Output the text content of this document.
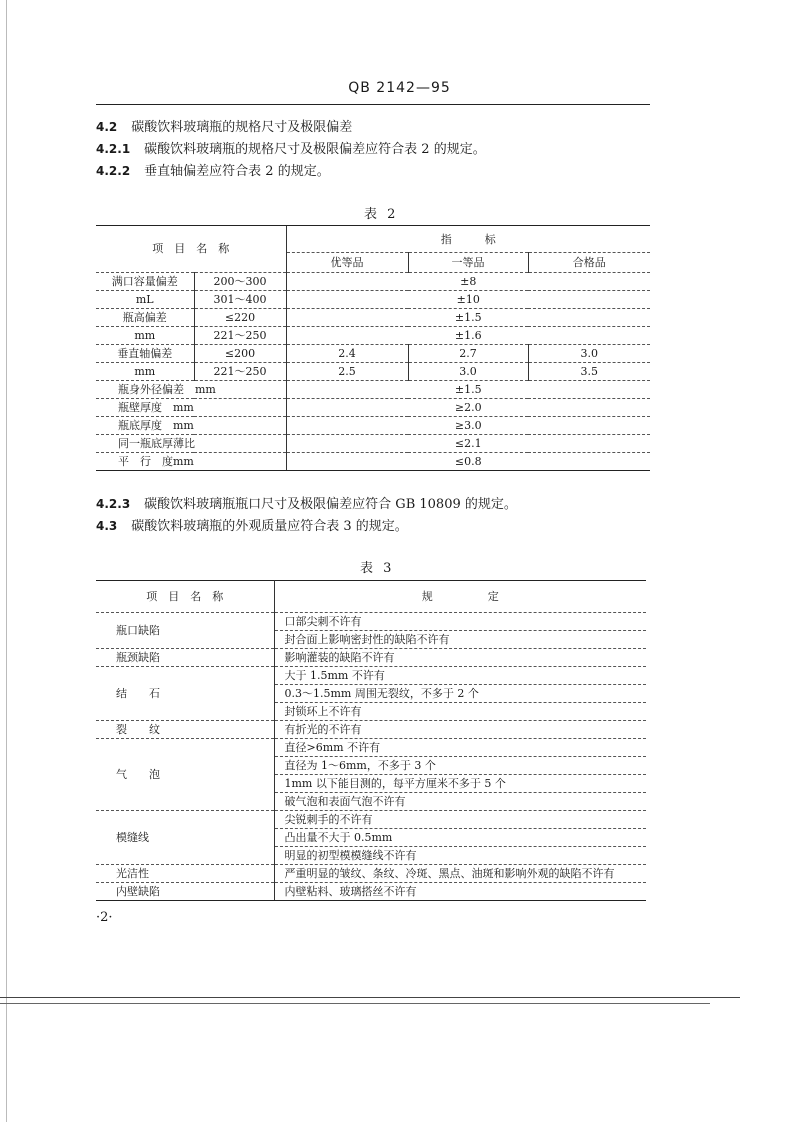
QB 2142—95
4.2 碳酸饮料玻璃瓶的规格尺寸及极限偏差
4.2.1 碳酸饮料玻璃瓶的规格尺寸及极限偏差应符合表 2 的规定。
4.2.2 垂直轴偏差应符合表 2 的规定。
表 2
项　目　名　称		指　　　标		
		优等品	一等品	合格品
满口容量偏差	200～300	±8		
mL	301～400	±10		
瓶高偏差	≤220	±1.5		
mm	221～250	±1.6		
垂直轴偏差	≤200	2.4	2.7	3.0
mm	221～250	2.5	3.0	3.5
瓶身外径偏差　mm		±1.5		
瓶壁厚度　mm		≥2.0		
瓶底厚度　mm		≥3.0		
同一瓶底厚薄比		≤2.1		
平　行　度mm		≤0.8		
4.2.3 碳酸饮料玻璃瓶瓶口尺寸及极限偏差应符合 GB 10809 的规定。
4.3 碳酸饮料玻璃瓶的外观质量应符合表 3 的规定。
表 3
项　目　名　称	规　　　　　定
瓶口缺陷	口部尖刺不许有
	封合面上影响密封性的缺陷不许有
瓶颈缺陷	影响灌装的缺陷不许有
结　　石	大于 1.5mm 不许有
	0.3～1.5mm 周围无裂纹，不多于 2 个
	封锁环上不许有
裂　　纹	有折光的不许有
气　　泡	直径>6mm 不许有
	直径为 1～6mm，不多于 3 个
	1mm 以下能目测的，每平方厘米不多于 5 个
	破气泡和表面气泡不许有
模缝线	尖锐刺手的不许有
	凸出量不大于 0.5mm
	明显的初型模模缝线不许有
光洁性	严重明显的皱纹、条纹、冷斑、黑点、油斑和影响外观的缺陷不许有
内壁缺陷	内壁粘料、玻璃搭丝不许有
·2·
